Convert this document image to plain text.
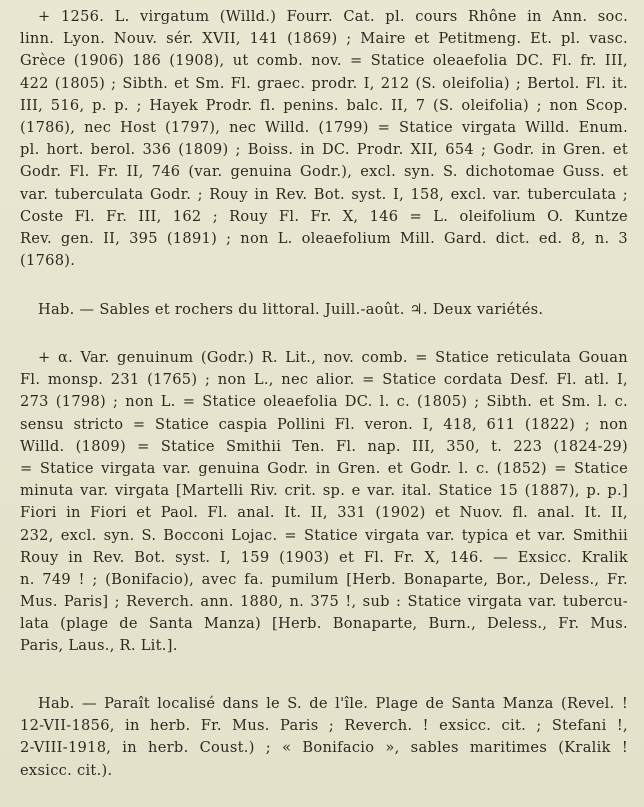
+ 1256. L. virgatum (Willd.) Fourr. Cat. pl. cours Rhône in Ann. soc.
linn. Lyon. Nouv. sér. XVII, 141 (1869) ; Maire et Petitmeng. Et. pl. vasc.
Grèce (1906) 186 (1908), ut comb. nov. = Statice oleaefolia DC. Fl. fr. III,
422 (1805) ; Sibth. et Sm. Fl. graec. prodr. I, 212 (S. oleifolia) ; Bertol. Fl. it.
III, 516, p. p. ; Hayek Prodr. fl. penins. balc. II, 7 (S. oleifolia) ; non Scop.
(1786), nec Host (1797), nec Willd. (1799) = Statice virgata Willd. Enum.
pl. hort. berol. 336 (1809) ; Boiss. in DC. Prodr. XII, 654 ; Godr. in Gren. et
Godr. Fl. Fr. II, 746 (var. genuina Godr.), excl. syn. S. dichotomae Guss. et
var. tuberculata Godr. ; Rouy in Rev. Bot. syst. I, 158, excl. var. tuberculata ;
Coste Fl. Fr. III, 162 ; Rouy Fl. Fr. X, 146 = L. oleifolium O. Kuntze
Rev. gen. II, 395 (1891) ; non L. oleaefolium Mill. Gard. dict. ed. 8, n. 3
(1768).
Hab. — Sables et rochers du littoral. Juill.-août. ♃. Deux variétés.
+ α. Var. genuinum (Godr.) R. Lit., nov. comb. = Statice reticulata Gouan
Fl. monsp. 231 (1765) ; non L., nec alior. = Statice cordata Desf. Fl. atl. I,
273 (1798) ; non L. = Statice oleaefolia DC. l. c. (1805) ; Sibth. et Sm. l. c.
sensu stricto = Statice caspia Pollini Fl. veron. I, 418, 611 (1822) ; non
Willd. (1809) = Statice Smithii Ten. Fl. nap. III, 350, t. 223 (1824-29)
= Statice virgata var. genuina Godr. in Gren. et Godr. l. c. (1852) = Statice
minuta var. virgata [Martelli Riv. crit. sp. e var. ital. Statice 15 (1887), p. p.]
Fiori in Fiori et Paol. Fl. anal. It. II, 331 (1902) et Nuov. fl. anal. It. II,
232, excl. syn. S. Bocconi Lojac. = Statice virgata var. typica et var. Smithii
Rouy in Rev. Bot. syst. I, 159 (1903) et Fl. Fr. X, 146. — Exsicc. Kralik
n. 749 ! ; (Bonifacio), avec fa. pumilum [Herb. Bonaparte, Bor., Deless., Fr.
Mus. Paris] ; Reverch. ann. 1880, n. 375 !, sub : Statice virgata var. tubercu-
lata (plage de Santa Manza) [Herb. Bonaparte, Burn., Deless., Fr. Mus.
Paris, Laus., R. Lit.].
Hab. — Paraît localisé dans le S. de l'île. Plage de Santa Manza (Revel. !
12-VII-1856, in herb. Fr. Mus. Paris ; Reverch. ! exsicc. cit. ; Stefani !,
2-VIII-1918, in herb. Coust.) ; « Bonifacio », sables maritimes (Kralik !
exsicc. cit.).
